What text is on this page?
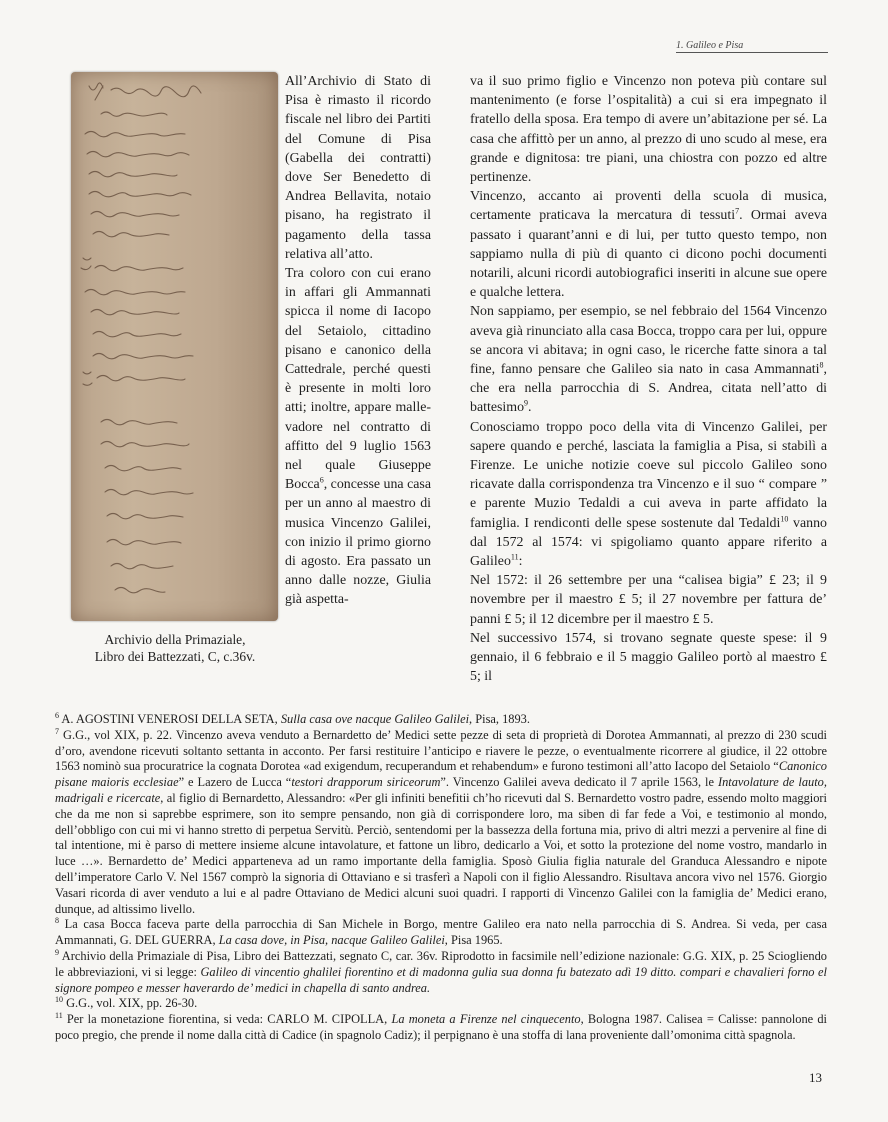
1. Galileo e Pisa
Archivio della Primaziale,
Libro dei Battezzati, C, c.36v.

All’Archivio di Stato di Pisa è rimasto il ricordo fiscale nel libro dei Partiti del Comune di Pisa (Gabella dei contratti) dove Ser Benedetto di Andrea Bellavita, notaio pisano, ha registrato il pagamento della tassa relativa all’atto.

Tra coloro con cui erano in affari gli Ammannati spicca il nome di Iacopo del Setaiolo, cittadino pisano e canonico della Cattedrale, perché questi è presente in molti loro atti; inoltre, appare mallevadore nel contratto di affitto del 9 luglio 1563 nel quale Giuseppe Bocca$^6$, concesse una casa per un anno al maestro di musica Vincenzo Galilei, con inizio il primo giorno di agosto. Era passato un anno dalle nozze, Giulia già aspetta-

va il suo primo figlio e Vincenzo non poteva più contare sul mantenimento (e forse l’ospitalità) a cui si era impegnato il fratello della sposa. Era tempo di avere un’abitazione per sé. La casa che affittò per un anno, al prezzo di uno scudo al mese, era grande e dignitosa: tre piani, una chiostra con pozzo ed altre pertinenze.

Vincenzo, accanto ai proventi della scuola di musica, certamente praticava la mercatura di tessuti$^7$. Ormai aveva passato i quarant’anni e di lui, per tutto questo tempo, non sappiamo nulla di più di quanto ci dicono pochi documenti notarili, alcuni ricordi autobiografici inseriti in alcune sue opere e qualche lettera.

Non sappiamo, per esempio, se nel febbraio del 1564 Vincenzo aveva già rinunciato alla casa Bocca, troppo cara per lui, oppure se ancora vi abitava; in ogni caso, le ricerche fatte sinora a tal fine, fanno pensare che Galileo sia nato in casa Ammannati$^8$, che era nella parrocchia di S. Andrea, citata nell’atto di battesimo$^9$.

Conosciamo troppo poco della vita di Vincenzo Galilei, per sapere quando e perché, lasciata la famiglia a Pisa, si stabilì a Firenze. Le uniche notizie coeve sul piccolo Galileo sono ricavate dalla corrispondenza tra Vincenzo e il suo “ compare ” e parente Muzio Tedaldi a cui aveva in parte affidato la famiglia. I rendiconti delle spese sostenute dal Tedaldi$^{10}$ vanno dal 1572 al 1574: vi spigoliamo quanto appare riferito a Galileo$^{11}$:

Nel 1572: il 26 settembre per una “calisea bigia” £ 23; il 9 novembre per il maestro £ 5; il 27 novembre per fattura de’ panni £ 5; il 12 dicembre per il maestro £ 5.

Nel successivo 1574, si trovano segnate queste spese: il 9 gennaio, il 6 febbraio e il 5 maggio Galileo portò al maestro £ 5; il

$^6$ A. AGOSTINI VENEROSI DELLA SETA, Sulla casa ove nacque Galileo Galilei, Pisa, 1893.

$^7$ G.G., vol XIX, p. 22. Vincenzo aveva venduto a Bernardetto de’ Medici sette pezze di seta di proprietà di Dorotea Ammannati, al prezzo di 230 scudi d’oro, avendone ricevuti soltanto settanta in acconto. Per farsi restituire l’anticipo e riavere le pezze, o eventualmente ricorrere al giudice, il 22 ottobre 1563 nominò sua procuratrice la cognata Dorotea «ad exigendum, recuperandum et rehabendum» e furono testimoni all’atto Iacopo del Setaiolo “Canonico pisane maioris ecclesiae” e Lazero de Lucca “testori drapporum siriceorum”. Vincenzo Galilei aveva dedicato il 7 aprile 1563, le Intavolature de lauto, madrigali e ricercate, al figlio di Bernardetto, Alessandro: «Per gli infiniti benefitii ch’ho ricevuti dal S. Bernardetto vostro padre, essendo molto maggiori che da me non si saprebbe esprimere, son ito sempre pensando, non già di corrispondere loro, ma siben di far fede a Voi, e testimonio al mondo, dell’obbligo con cui mi vi hanno stretto di perpetua Servitù. Perciò, sentendomi per la bassezza della fortuna mia, privo di altri mezzi a pervenire al fine di tal intentione, mi è parso di mettere insieme alcune intavolature, et fattone un libro, dedicarlo a Voi, et sotto la protezione del nome vostro, mandarlo in luce …». Bernardetto de’ Medici apparteneva ad un ramo importante della famiglia. Sposò Giulia figlia naturale del Granduca Alessandro e nipote dell’imperatore Carlo V. Nel 1567 comprò la signoria di Ottaviano e si trasferì a Napoli con il figlio Alessandro. Risultava ancora vivo nel 1576. Giorgio Vasari ricorda di aver venduto a lui e al padre Ottaviano de Medici alcuni suoi quadri. I rapporti di Vincenzo Galilei con la famiglia de’ Medici erano, dunque, ad altissimo livello.

$^8$ La casa Bocca faceva parte della parrocchia di San Michele in Borgo, mentre Galileo era nato nella parrocchia di S. Andrea. Si veda, per casa Ammannati, G. DEL GUERRA, La casa dove, in Pisa, nacque Galileo Galilei, Pisa 1965.

$^9$ Archivio della Primaziale di Pisa, Libro dei Battezzati, segnato C, car. 36v. Riprodotto in facsimile nell’edizione nazionale: G.G. XIX, p. 25 Sciogliendo le abbreviazioni, vi si legge: Galileo di vincentio ghalilei fiorentino et di madonna gulia sua donna fu batezato adì 19 ditto. compari e chavalieri forno el signore pompeo e messer haverardo de’ medici in chapella di santo andrea.

$^{10}$ G.G., vol. XIX, pp. 26-30.

$^{11}$ Per la monetazione fiorentina, si veda: CARLO M. CIPOLLA, La moneta a Firenze nel cinquecento, Bologna 1987. Calisea = Calisse: pannolone di poco pregio, che prende il nome dalla città di Cadice (in spagnolo Cadiz); il perpignano è una stoffa di lana proveniente dall’omonima città spagnola.

13
